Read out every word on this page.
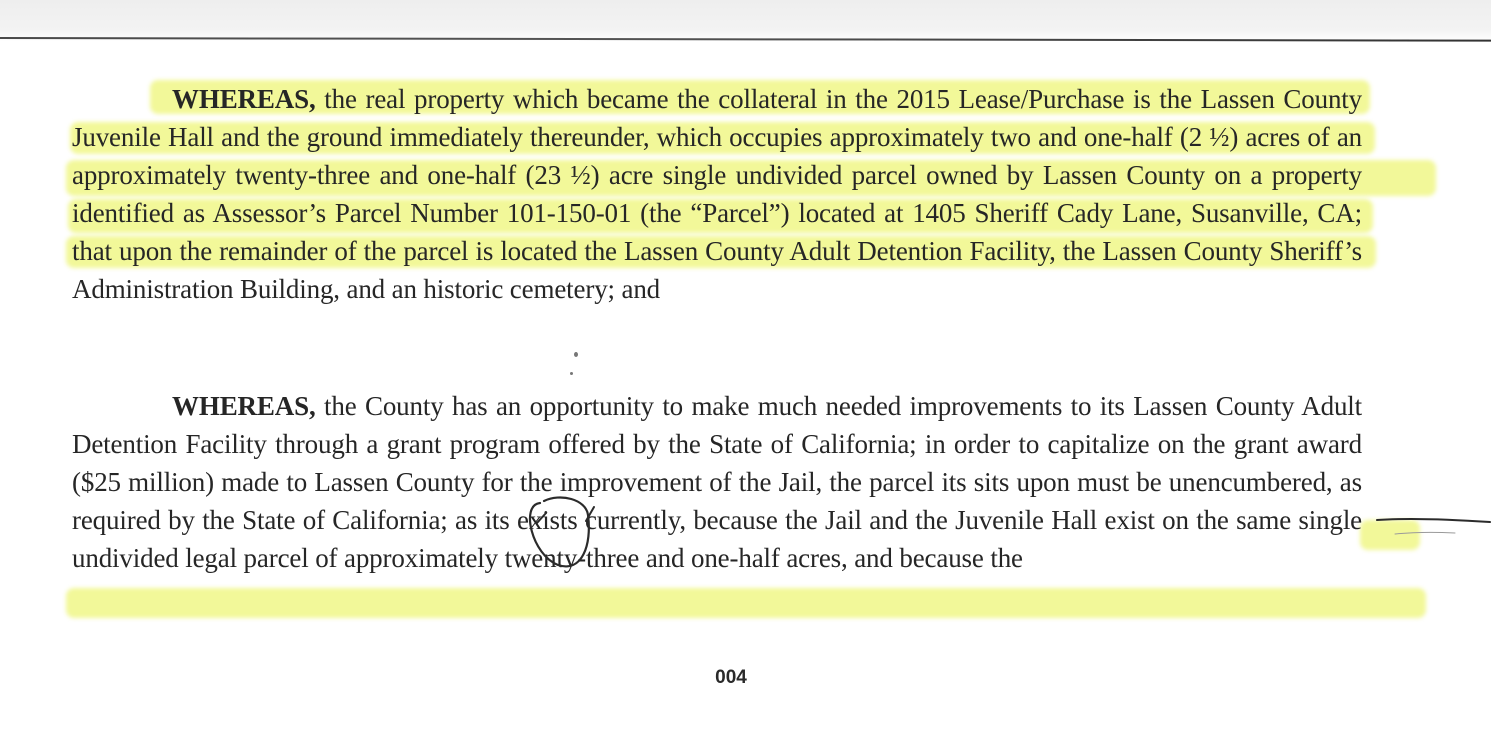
WHEREAS, the real property which became the collateral in the 2015 Lease/Purchase is the Lassen County Juvenile Hall and the ground immediately thereunder, which occupies approximately two and one-half (2 ½) acres of an approximately twenty-three and one-half (23 ½) acre single undivided parcel owned by Lassen County on a property identified as Assessor’s Parcel Number 101-150-01 (the “Parcel”) located at 1405 Sheriff Cady Lane, Susanville, CA; that upon the remainder of the parcel is located the Lassen County Adult Detention Facility, the Lassen County Sheriff’s Administration Building, and an historic cemetery; and

WHEREAS, the County has an opportunity to make much needed improvements to its Lassen County Adult Detention Facility through a grant program offered by the State of California; in order to capitalize on the grant award ($25 million) made to Lassen County for the improvement of the Jail, the parcel its sits upon must be unencumbered, as required by the State of California; as its exists currently, because the Jail and the Juvenile Hall exist on the same single undivided legal parcel of approximately twenty-three and one-half acres, and because the

004
